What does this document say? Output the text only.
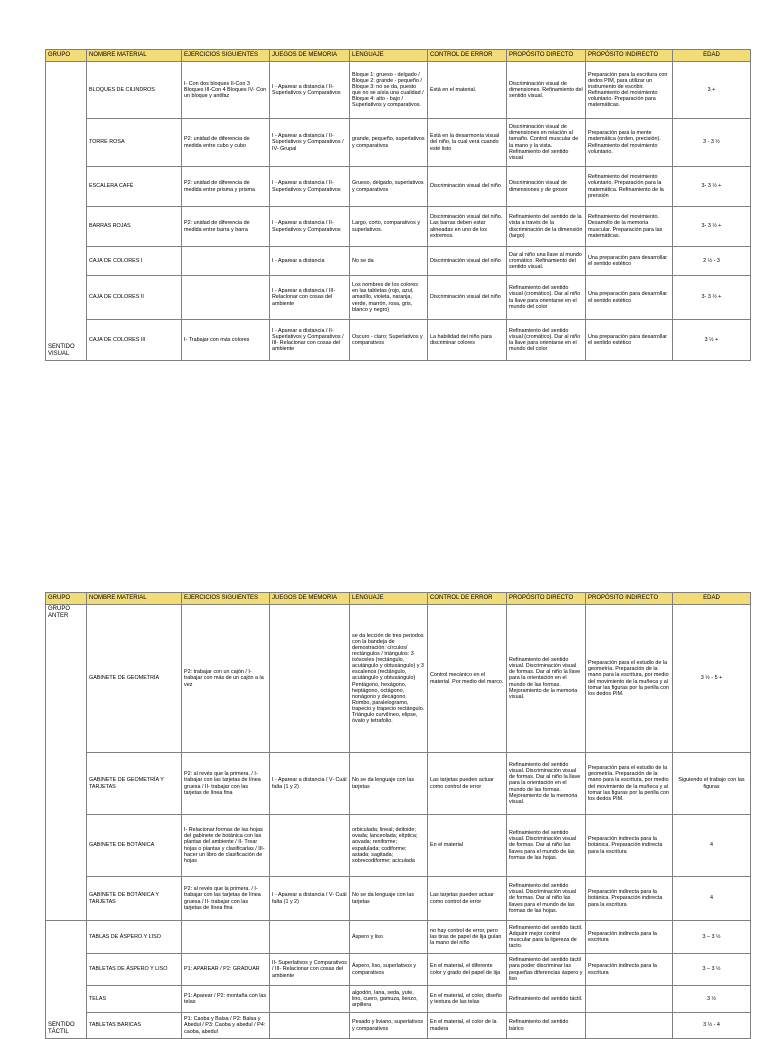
GRUPO	NOMBRE MATERIAL	EJERCICIOS SIGUIENTES	JUEGOS DE MEMORIA	LENGUAJE	CONTROL DE ERROR	PROPÓSITO DIRECTO	PROPÓSITO INDIRECTO	EDAD
SENTIDO VISUAL	BLOQUES DE CILINDROS	I- Con dos bloques II-Con 3 Bloques III-Con 4 Bloques IV- Con un bloque y antifaz	I - Aparear a distancia / II- Superlativos y Comparativos	Bloque 1: grueso - delgado / Bloque 2: grande - pequeño / Bloque 3: no se da, puesto que no se aísla una cualidad / Bloque 4: alto - bajo / Superlativos y comparativos.	Está en el material.	Discriminación visual de dimensiones. Refinamiento del sentido visual.	Preparación para la escritura con dedos PIM, para utilizar un instrumento de escribir. Refinamiento del movimiento voluntario. Preparación para matemáticas.	3 +
	TORRE ROSA	P2: unidad de diferencia de medida entre cubo y cubo	I - Aparear a distancia / II- Superlativos y Comparativos / IV- Grupal	grande, pequeño, superlativos y comparativos	Está en la desarmonía visual del niño, la cual verá cuando esté listo	Discriminación visual de dimensiones en relación al tamaño. Control muscular de la mano y la vista. Refinamiento del sentido visual	Preparación para la mente matemática (orden, precisión). Refinamiento del movimiento voluntario.	3 - 3 ½
	ESCALERA CAFÉ	P2: unidad de diferencia de medida entre prisma y prisma	I - Aparear a distancia / II- Superlativos y Comparativos	Grueso, delgado, superlativos y comparativos	Discriminación visual del niño	Discriminación visual de dimensiones y de grosor	Refinamiento del movimiento voluntario. Preparación para la matemática. Refinamiento de la prensión	3- 3 ½ +
	BARRAS ROJAS	P2: unidad de diferencia de medida entre barra y barra	I - Aparear a distancia / II- Superlativos y Comparativos	Largo, corto, comparativos y superlativos.	Discriminación visual del niño. Las barras deben estar alineadas en uno de los extremos.	Refinamiento del sentido de la vista a través de la discriminación de la dimensión (largo)	Refinamiento del movimiento. Desarrollo de la memoria muscular. Preparación para las matemáticas.	3- 3 ½ +
	CAJA DE COLORES I		I - Aparear a distancia	No se da	Discriminación visual del niño	Dar al niño una llave al mundo cromático. Refinamiento del sentido visual.	Una preparación para desarrollar el sentido estético	2 ½ - 3
	CAJA DE COLORES II		I - Aparear a distancia / III- Relacionar con cosas del ambiente	Los nombres de los colores en las tabletas (rojo, azul, amarillo, violeta, naranja, verde, marrón, rosa, gris, blanco y negro)	Discriminación visual del niño	Refinamiento del sentido visual (cromático). Dar al niño la llave para orientarse en el mundo del color	Una preparación para desarrollar el sentido estético	3- 3 ½ +
	CAJA DE COLORES III	I- Trabajar con más colores	I - Aparear a distancia / II- Superlativos y Comparativos / III- Relacionar con cosas del ambiente	Oscuro - claro; Superlativos y comparativos	La habilidad del niño para discriminar colores	Refinamiento del sentido visual (cromático). Dar al niño la llave para orientarse en el mundo del color	Una preparación para desarrollar el sentido estético	3 ½ +
GRUPO	NOMBRE MATERIAL	EJERCICIOS SIGUIENTES	JUEGOS DE MEMORIA	LENGUAJE	CONTROL DE ERROR	PROPÓSITO DIRECTO	PROPÓSITO INDIRECTO	EDAD
GRUPO ANTER	GABINETE DE GEOMETRÍA	P2: trabajar con un cajón / I- trabajar con más de un cajón a la vez		se da lección de tres periodos con la bandeja de demostración: círculos/ rectángulos / triángulos: 3 isósceles (rectángulo, acutángulo y obtusángulo) y 3 escalenos (rectángulo, acutángulo y obtusángulo) Pentágono, hexágono, heptágono, octágono, nonágono y decágono. Rombo, paralelogramo, trapecio y trapecio rectángulo. Triángulo curvilíneo, elipse, óvalo y tetrafolio.	Control mecánico en el material. Por medio del marco.	Refinamiento del sentido visual. Discriminación visual de formas. Dar al niño la llave para la orientación en el mundo de las formas. Mejoramiento de la memoria visual.	Preparación para el estudio de la geometría. Preparación de la mano para la escritura, por medio del movimiento de la muñeca y al tomar las figuras por la perilla con los dedos PIM.	3 ½ - 5 +
	GABINETE DE GEOMETRÍA Y TARJETAS	P2: al revés que la primera. / I- trabajar con las tarjetas de línea gruesa / II- trabajar con las tarjetas de línea fina	I - Aparear a distancia / V- Cuál falta (1 y 2)	No se da lenguaje con las tarjetas	Las tarjetas pueden actuar como control de error	Refinamiento del sentido visual. Discriminación visual de formas. Dar al niño la llave para la orientación en el mundo de las formas. Mejoramiento de la memoria visual.	Preparación para el estudio de la geometría. Preparación de la mano para la escritura, por medio del movimiento de la muñeca y al tomar las figuras por la perilla con los dedos PIM.	Siguiendo el trabajo con las figuras
	GABINETE DE BOTÁNICA	I- Relacionar formas de las hojas del gabinete de botánica con las plantas del ambiente / II- Trear hojas o plantas y clasificarlas / III- hacer un libro de clasificación de hojas		orbiculada; lineal; deltoide; ovada; lanceolada; elíptica; aovada; reniforme; espatulada; codiforme; astada; sagitada; sobrecodiforme; aciculada	En el material	Refinamiento del sentido visual. Discriminación visual de formas. Dar al niño las llaves para el mundo de las formas de las hojas.	Preparación indirecta para la botánica. Preparación indirecta para la escritura	4
	GABINETE DE BOTÁNICA Y TARJETAS	P2: al revés que la primera. / I- trabajar con las tarjetas de línea gruesa / II- trabajar con las tarjetas de línea fina	I - Aparear a distancia / V- Cuál falta (1 y 2)	No se da lenguaje con las tarjetas	Las tarjetas pueden actuar como control de error	Refinamiento del sentido visual. Discriminación visual de formas. Dar al niño las llaves para el mundo de las formas de las hojas.	Preparación indirecta para la botánica. Preparación indirecta para la escritura	4
SENTIDO TÁCTIL	TABLAS DE ÁSPERO Y LISO			Áspero y liso	no hay control de error, pero las tiras de papel de lija guían la mano del niño	Refinamiento del sentido táctil. Adquirir mejor control muscular para la ligereza de tacto.	Preparación indirecta para la escritura	3 – 3 ½
	TABLETAS DE ÁSPERO Y LISO	P1: APAREAR / P2: GRADUAR	II- Superlativos y Comparativos / III- Relacionar con cosas del ambiente	Áspero, liso, superlativos y comparativos	En el material, el diferente color y grado del papel de lija	Refinamiento del sentido táctil para poder discriminar las pequeñas diferencias áspero y liso	Preparación indirecta para la escritura	3 – 3 ½
	TELAS	P1: Aparear / P2: montaña con las telas		algodón, lana, seda, yute, lino, cuero, gamuza, lienzo, arpillera	En el material, el color, diseño y textura de las telas	Refinamiento del sentido táctil.		3 ½
	TABLETAS BÁRICAS	P1: Caoba y Balsa / P2: Balsa y Abedul / P3: Caoba y abedul / P4: caoba, abedul		Pesado y liviano, superlativos y comparativos	En el material, el color de la madera	Refinamiento del sentido bárico		3 ½ - 4
